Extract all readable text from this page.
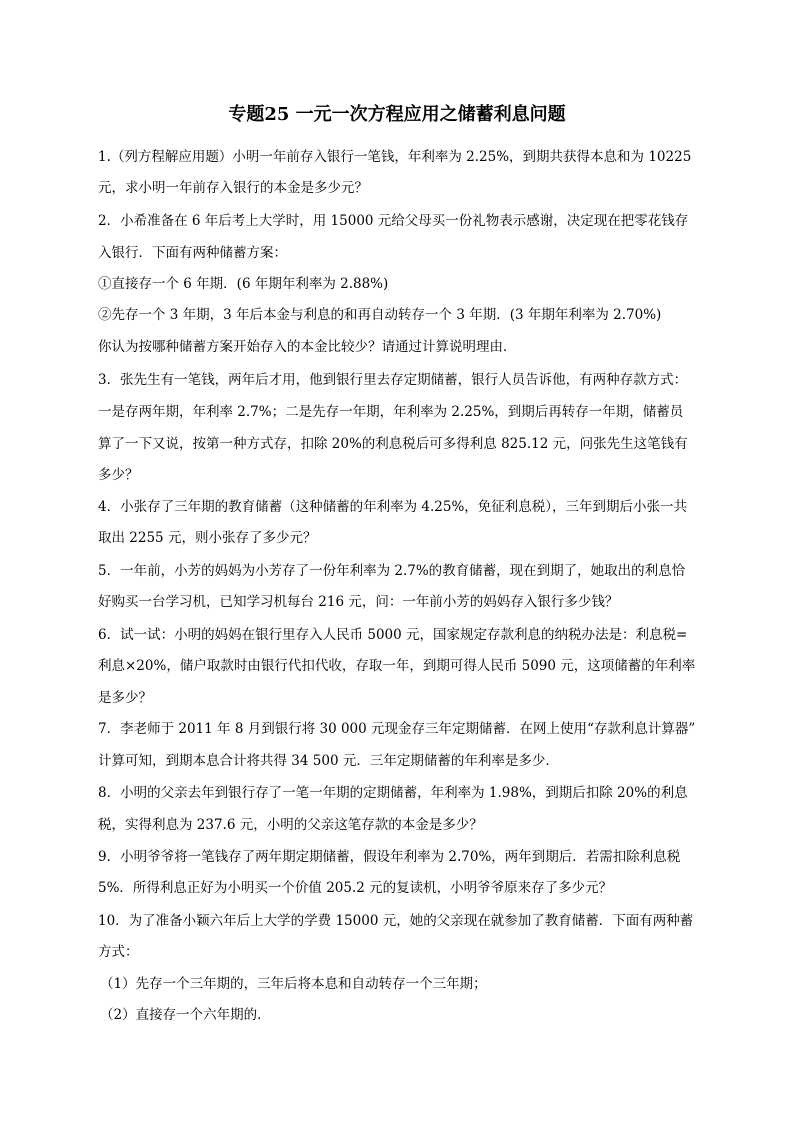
专题25 一元一次方程应用之储蓄利息问题
1.（列方程解应用题）小明一年前存入银行一笔钱，年利率为 2.25%，到期共获得本息和为 10225
元，求小明一年前存入银行的本金是多少元？
2．小希准备在 6 年后考上大学时，用 15000 元给父母买一份礼物表示感谢，决定现在把零花钱存
入银行．下面有两种储蓄方案：
①直接存一个 6 年期．(6 年期年利率为 2.88%)
②先存一个 3 年期，3 年后本金与利息的和再自动转存一个 3 年期．(3 年期年利率为 2.70%)
你认为按哪种储蓄方案开始存入的本金比较少？请通过计算说明理由．
3．张先生有一笔钱，两年后才用，他到银行里去存定期储蓄，银行人员告诉他，有两种存款方式：
一是存两年期，年利率 2.7%；二是先存一年期，年利率为 2.25%，到期后再转存一年期，储蓄员
算了一下又说，按第一种方式存，扣除 20%的利息税后可多得利息 825.12 元，问张先生这笔钱有
多少？
4．小张存了三年期的教育储蓄（这种储蓄的年利率为 4.25%，免征利息税），三年到期后小张一共
取出 2255 元，则小张存了多少元？
5．一年前，小芳的妈妈为小芳存了一份年利率为 2.7%的教育储蓄，现在到期了，她取出的利息恰
好购买一台学习机，已知学习机每台 216 元，问：一年前小芳的妈妈存入银行多少钱？
6．试一试：小明的妈妈在银行里存入人民币 5000 元，国家规定存款利息的纳税办法是：利息税=
利息×20%，储户取款时由银行代扣代收，存取一年，到期可得人民币 5090 元，这项储蓄的年利率
是多少？
7．李老师于 2011 年 8 月到银行将 30 000 元现金存三年定期储蓄．在网上使用“存款利息计算器”
计算可知，到期本息合计将共得 34 500 元．三年定期储蓄的年利率是多少．
8．小明的父亲去年到银行存了一笔一年期的定期储蓄，年利率为 1.98%，到期后扣除 20%的利息
税，实得利息为 237.6 元，小明的父亲这笔存款的本金是多少？
9．小明爷爷将一笔钱存了两年期定期储蓄，假设年利率为 2.70%，两年到期后．若需扣除利息税
5%．所得利息正好为小明买一个价值 205.2 元的复读机，小明爷爷原来存了多少元？
10．为了准备小颖六年后上大学的学费 15000 元，她的父亲现在就参加了教育储蓄．下面有两种蓄
方式：
（1）先存一个三年期的，三年后将本息和自动转存一个三年期；
（2）直接存一个六年期的．
